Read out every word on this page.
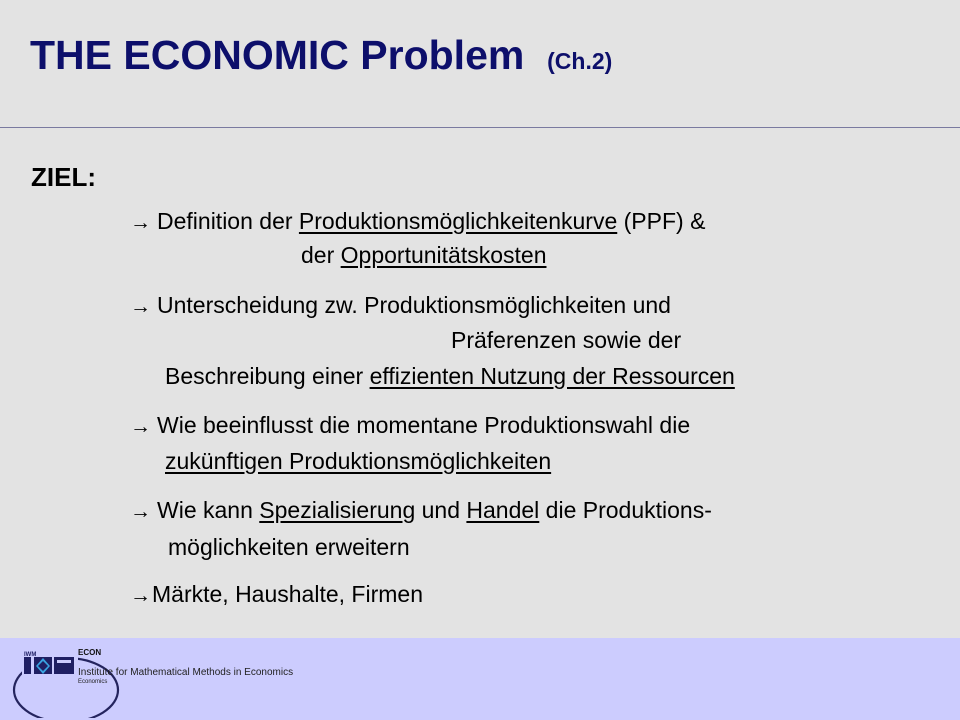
THE ECONOMIC Problem (Ch.2)
ZIEL:
→ Definition der Produktionsmöglichkeitenkurve (PPF) &
der Opportunitätskosten
→ Unterscheidung zw. Produktionsmöglichkeiten und
Präferenzen sowie der
Beschreibung einer effizienten Nutzung der Ressourcen
→ Wie beeinflusst die momentane Produktionswahl die
zukünftigen Produktionsmöglichkeiten
→ Wie kann Spezialisierung und Handel die Produktions-
möglichkeiten erweitern
→Märkte, Haushalte, Firmen
IWM	ECON
Institute for Mathematical Methods in Economics
Economics
